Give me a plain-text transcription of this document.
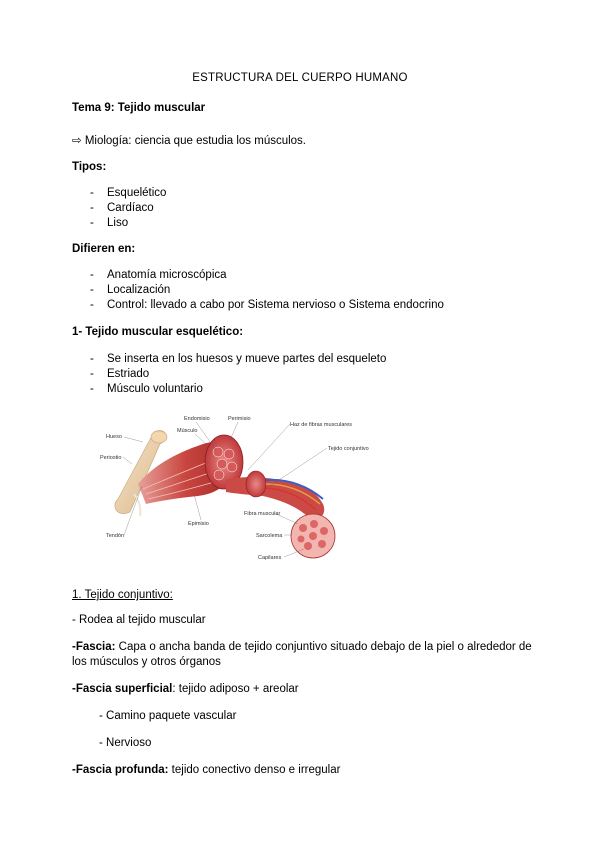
ESTRUCTURA DEL CUERPO HUMANO
Tema 9: Tejido muscular
⇨ Miología: ciencia que estudia los músculos.
Tipos:
- Esquelético
- Cardíaco
- Liso
Difieren en:
- Anatomía microscópica
- Localización
- Control: llevado a cabo por Sistema nervioso o Sistema endocrino
1- Tejido muscular esquelético:
- Se inserta en los huesos y mueve partes del esqueleto
- Estriado
- Músculo voluntario
Endomisio	Perimisio
Músculo
Haz de fibras musculares
Hueso
Tejido conjuntivo
Periostio
Fibra muscular
Sarcolema
Capilares
Epimisio
Tendón
1. Tejido conjuntivo:
- Rodea al tejido muscular
-Fascia: Capa o ancha banda de tejido conjuntivo situado debajo de la piel o alrededor de
los músculos y otros órganos
-Fascia superficial: tejido adiposo + areolar
- Camino paquete vascular
- Nervioso
-Fascia profunda: tejido conectivo denso e irregular
